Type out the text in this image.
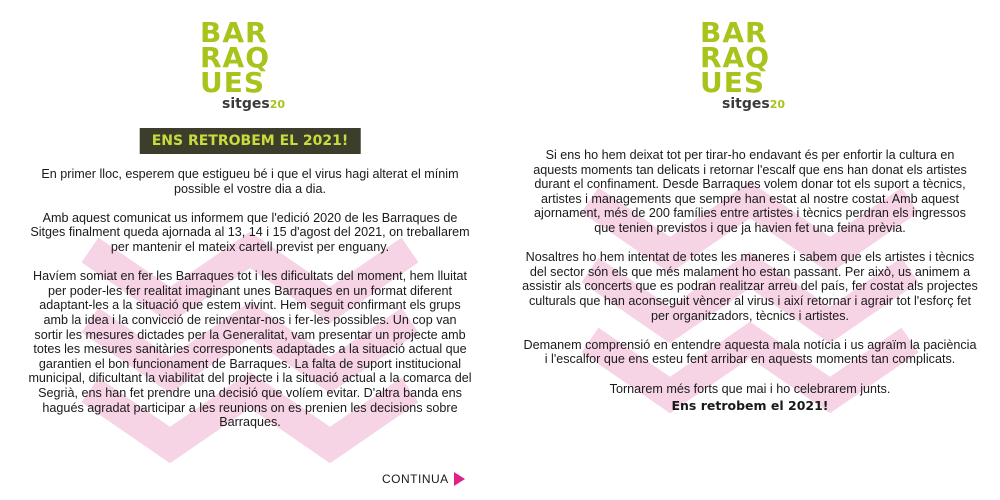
BAR
RAQ
UES
sitges20
ENS RETROBEM EL 2021!

En primer lloc, esperem que estigueu bé i que el virus hagi alterat el mínim possible el vostre dia a dia.

Amb aquest comunicat us informem que l'edició 2020 de les Barraques de Sitges finalment queda ajornada al 13, 14 i 15 d'agost del 2021, on treballarem per mantenir el mateix cartell previst per enguany.

Havíem somiat en fer les Barraques tot i les dificultats del moment, hem lluitat per poder-les fer realitat imaginant unes Barraques en un format diferent adaptant-les a la situació que estem vivint. Hem seguit confirmant els grups amb la idea i la convicció de reinventar-nos i fer-les possibles. Un cop van sortir les mesures dictades per la Generalitat, vam presentar un projecte amb totes les mesures sanitàries corresponents adaptades a la situació actual que garantien el bon funcionament de Barraques. La falta de suport institucional municipal, dificultant la viabilitat del projecte i la situació actual a la comarca del Segrià, ens han fet prendre una decisió que volíem evitar. D'altra banda ens hagués agradat participar a les reunions on es prenien les decisions sobre Barraques.

CONTINUA
BAR
RAQ
UES
sitges20

Si ens ho hem deixat tot per tirar-ho endavant és per enfortir la cultura en aquests moments tan delicats i retornar l'escalf que ens han donat els artistes durant el confinament. Desde Barraques volem donar tot els suport a tècnics, artistes i managements que sempre han estat al nostre costat. Amb aquest ajornament, més de 200 famílies entre artistes i tècnics perdran els ingressos que tenien previstos i que ja havien fet una feina prèvia.

Nosaltres ho hem intentat de totes les maneres i sabem que els artistes i tècnics del sector són els que més malament ho estan passant. Per això, us animem a assistir als concerts que es podran realitzar arreu del país, fer costat als projectes culturals que han aconseguit vèncer al virus i així retornar i agrair tot l'esforç fet per organitzadors, tècnics i artistes.

Demanem comprensió en entendre aquesta mala notícia i us agraïm la paciència i l'escalfor que ens esteu fent arribar en aquests moments tan complicats.

Tornarem més forts que mai i ho celebrarem junts.

Ens retrobem el 2021!
